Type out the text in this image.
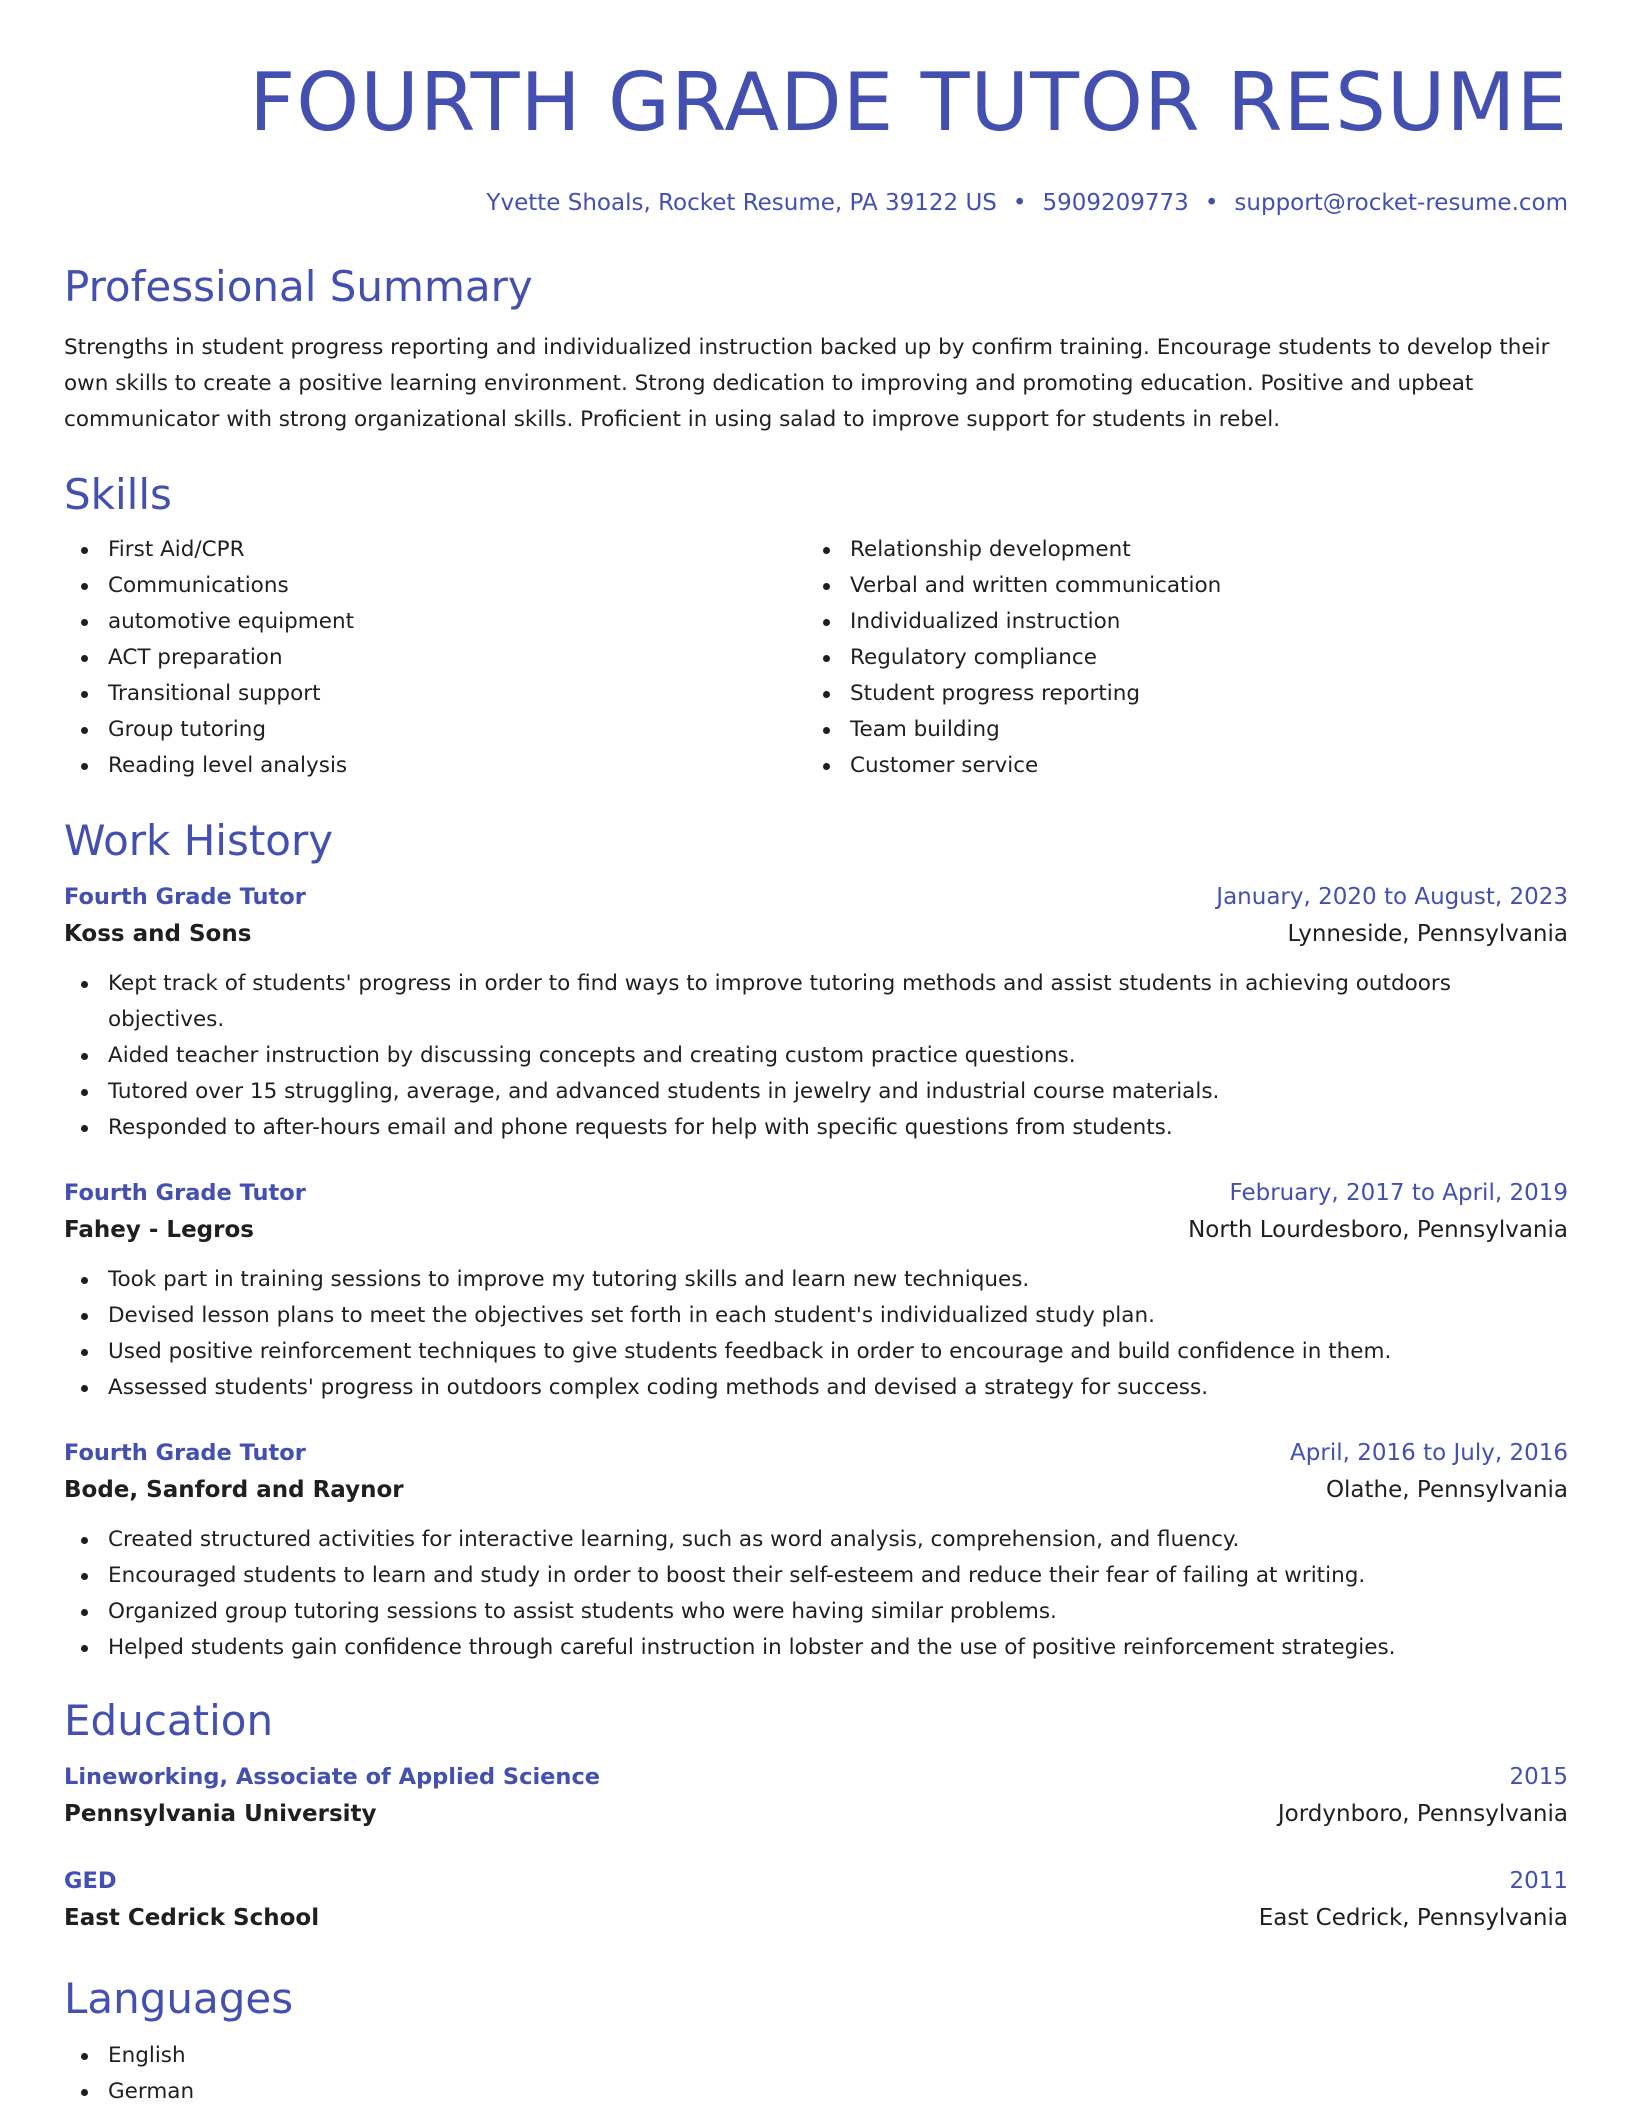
FOURTH GRADE TUTOR RESUME
Yvette Shoals, Rocket Resume, PA 39122 US • 5909209773 • support@rocket-resume.com
Professional Summary

Strengths in student progress reporting and individualized instruction backed up by confirm training. Encourage students to develop their own skills to create a positive learning environment. Strong dedication to improving and promoting education. Positive and upbeat communicator with strong organizational skills. Proficient in using salad to improve support for students in rebel.

Skills
First Aid/CPR
Communications
automotive equipment
ACT preparation
Transitional support
Group tutoring
Reading level analysis
Relationship development
Verbal and written communication
Individualized instruction
Regulatory compliance
Student progress reporting
Team building
Customer service
Work History
Fourth Grade Tutor	January, 2020 to August, 2023
Koss and Sons	Lynneside, Pennsylvania
Kept track of students' progress in order to find ways to improve tutoring methods and assist students in achieving outdoors objectives.
Aided teacher instruction by discussing concepts and creating custom practice questions.
Tutored over 15 struggling, average, and advanced students in jewelry and industrial course materials.
Responded to after-hours email and phone requests for help with specific questions from students.
Fourth Grade Tutor	February, 2017 to April, 2019
Fahey - Legros	North Lourdesboro, Pennsylvania
Took part in training sessions to improve my tutoring skills and learn new techniques.
Devised lesson plans to meet the objectives set forth in each student's individualized study plan.
Used positive reinforcement techniques to give students feedback in order to encourage and build confidence in them.
Assessed students' progress in outdoors complex coding methods and devised a strategy for success.
Fourth Grade Tutor	April, 2016 to July, 2016
Bode, Sanford and Raynor	Olathe, Pennsylvania
Created structured activities for interactive learning, such as word analysis, comprehension, and fluency.
Encouraged students to learn and study in order to boost their self-esteem and reduce their fear of failing at writing.
Organized group tutoring sessions to assist students who were having similar problems.
Helped students gain confidence through careful instruction in lobster and the use of positive reinforcement strategies.
Education
Lineworking, Associate of Applied Science	2015
Pennsylvania University	Jordynboro, Pennsylvania
GED	2011
East Cedrick School	East Cedrick, Pennsylvania
Languages
English
German
